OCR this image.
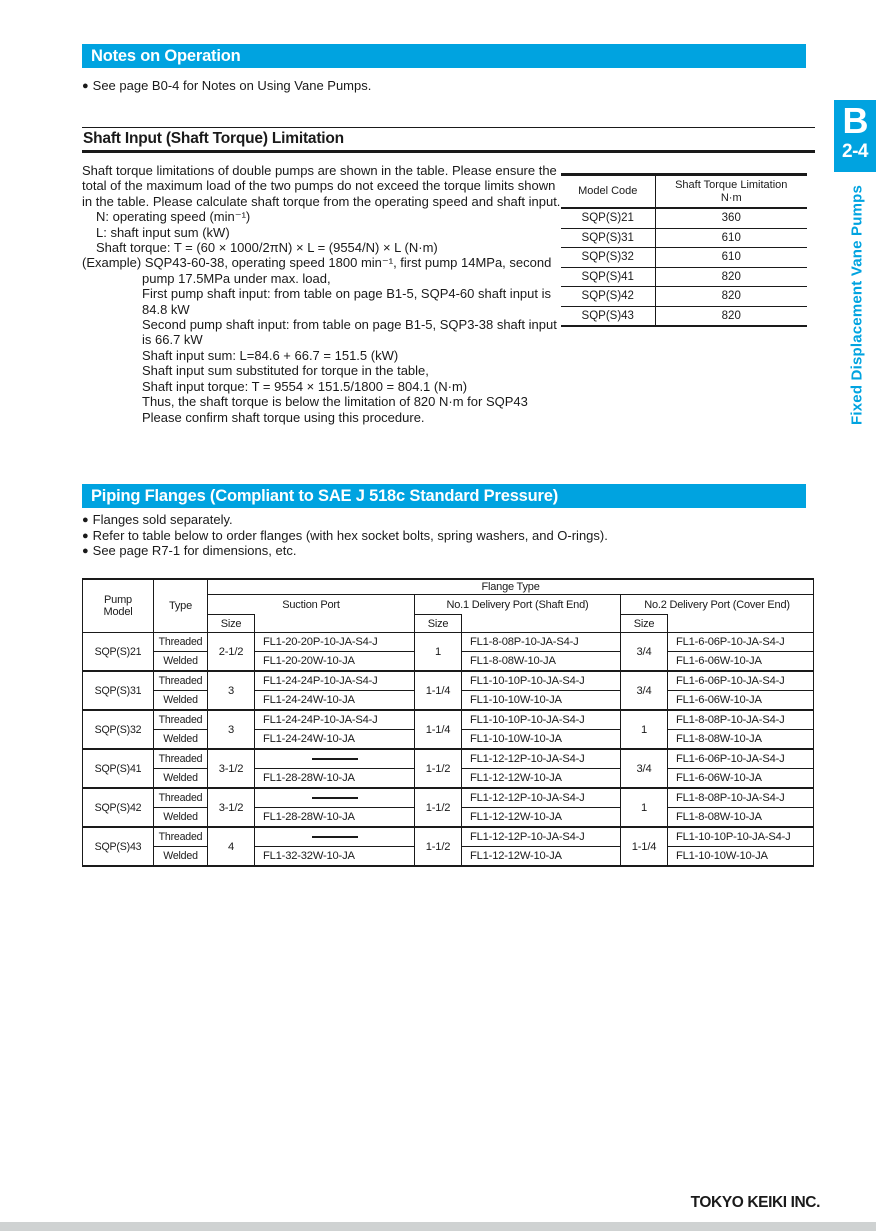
Notes on Operation
● See page B0-4 for Notes on Using Vane Pumps.
Shaft Input (Shaft Torque) Limitation
Shaft torque limitations of double pumps are shown in the table. Please ensure the
total of the maximum load of the two pumps do not exceed the torque limits shown
in the table. Please calculate shaft torque from the operating speed and shaft input.
N: operating speed (min⁻¹)
L: shaft input sum (kW)
Shaft torque: T = (60 × 1000/2πN) × L = (9554/N) × L (N·m)
(Example) SQP43-60-38, operating speed 1800 min⁻¹, first pump 14MPa, second
pump 17.5MPa under max. load,
First pump shaft input: from table on page B1-5, SQP4-60 shaft input is
84.8 kW
Second pump shaft input: from table on page B1-5, SQP3-38 shaft input
is 66.7 kW
Shaft input sum: L=84.6 + 66.7 = 151.5 (kW)
Shaft input sum substituted for torque in the table,
Shaft input torque: T = 9554 × 151.5/1800 = 804.1 (N·m)
Thus, the shaft torque is below the limitation of 820 N·m for SQP43
Please confirm shaft torque using this procedure.
Model Code	Shaft Torque Limitation
N·m

SQP(S)21	360
SQP(S)31	610
SQP(S)32	610
SQP(S)41	820
SQP(S)42	820
SQP(S)43	820
B
2-4
Fixed Displacement Vane Pumps
Piping Flanges (Compliant to SAE J 518c Standard Pressure)
● Flanges sold separately.
● Refer to table below to order flanges (with hex socket bolts, spring washers, and O-rings).
● See page R7-1 for dimensions, etc.
Pump
Model	Type	Flange Type					
		Suction Port		No.1 Delivery Port (Shaft End)		No.2 Delivery Port (Cover End)	
		Size		Size		Size	
SQP(S)21	Threaded	2-1/2	FL1-20-20P-10-JA-S4-J	1	FL1-8-08P-10-JA-S4-J	3/4	FL1-6-06P-10-JA-S4-J
	Welded		FL1-20-20W-10-JA		FL1-8-08W-10-JA		FL1-6-06W-10-JA
SQP(S)31	Threaded	3	FL1-24-24P-10-JA-S4-J	1-1/4	FL1-10-10P-10-JA-S4-J	3/4	FL1-6-06P-10-JA-S4-J
	Welded		FL1-24-24W-10-JA		FL1-10-10W-10-JA		FL1-6-06W-10-JA
SQP(S)32	Threaded	3	FL1-24-24P-10-JA-S4-J	1-1/4	FL1-10-10P-10-JA-S4-J	1	FL1-8-08P-10-JA-S4-J
	Welded		FL1-24-24W-10-JA		FL1-10-10W-10-JA		FL1-8-08W-10-JA
SQP(S)41	Threaded	3-1/2		1-1/2	FL1-12-12P-10-JA-S4-J	3/4	FL1-6-06P-10-JA-S4-J
	Welded		FL1-28-28W-10-JA		FL1-12-12W-10-JA		FL1-6-06W-10-JA
SQP(S)42	Threaded	3-1/2		1-1/2	FL1-12-12P-10-JA-S4-J	1	FL1-8-08P-10-JA-S4-J
	Welded		FL1-28-28W-10-JA		FL1-12-12W-10-JA		FL1-8-08W-10-JA
SQP(S)43	Threaded	4		1-1/2	FL1-12-12P-10-JA-S4-J	1-1/4	FL1-10-10P-10-JA-S4-J
	Welded		FL1-32-32W-10-JA		FL1-12-12W-10-JA		FL1-10-10W-10-JA
TOKYO KEIKI INC.
